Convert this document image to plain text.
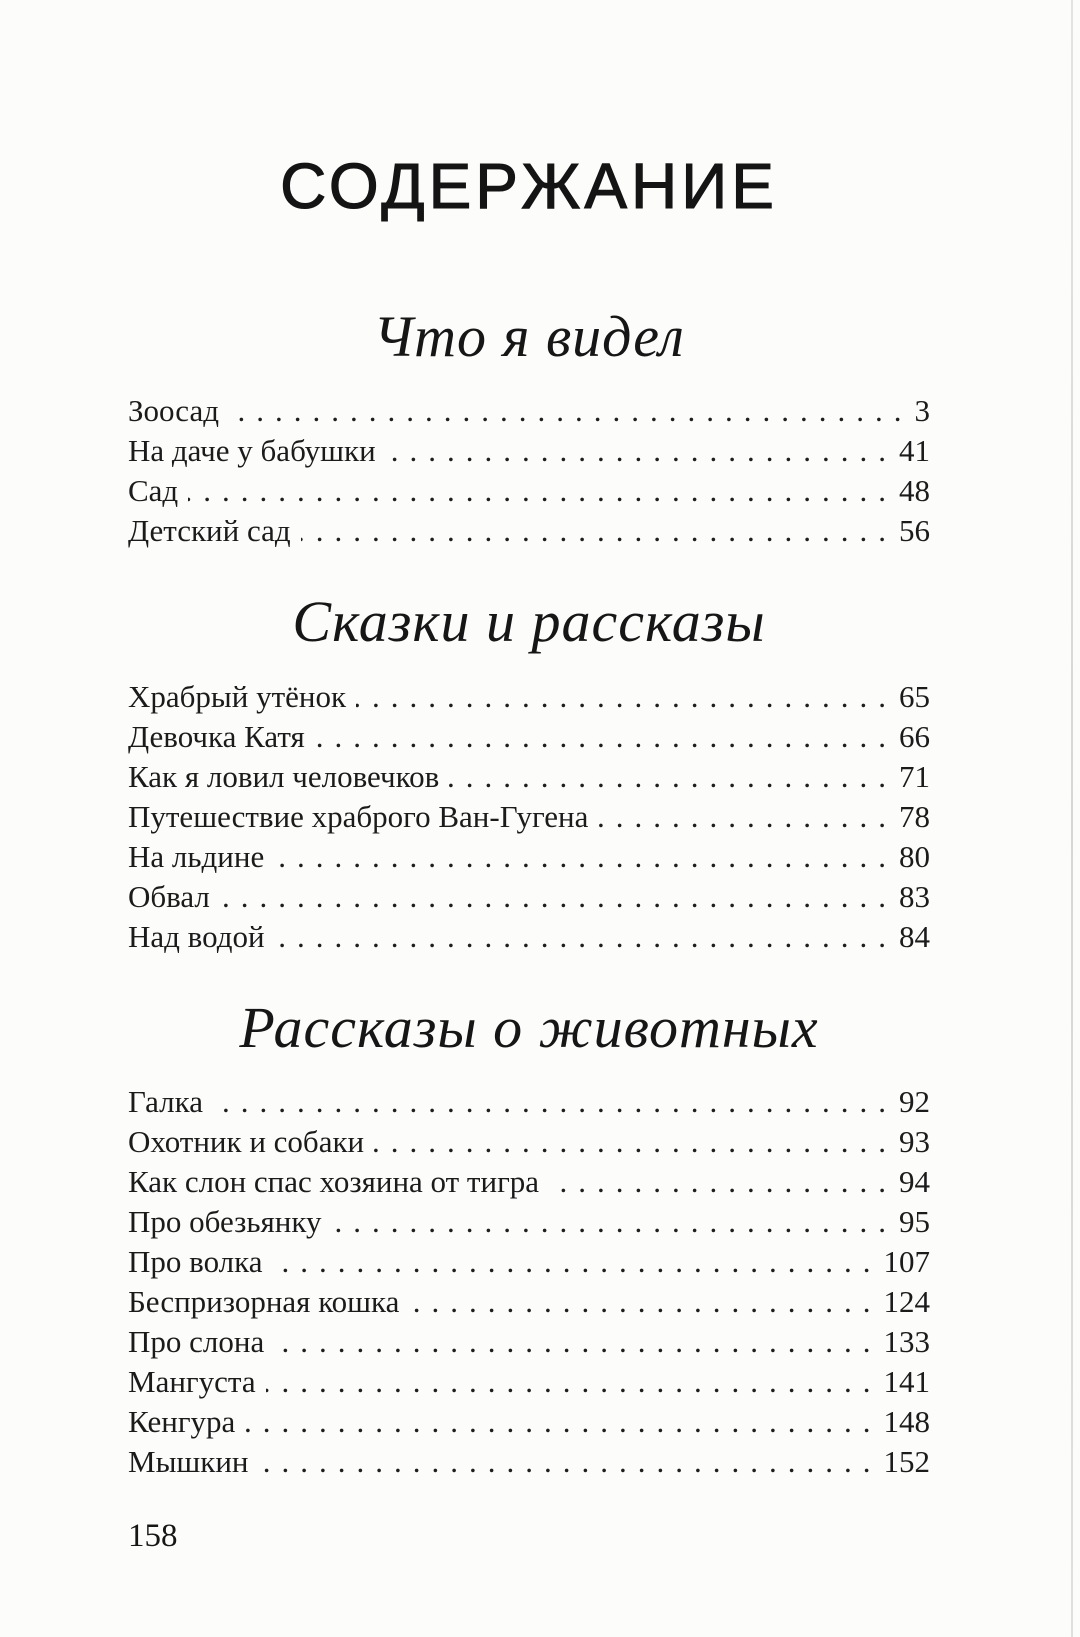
СОДЕРЖАНИЕ
Что я видел
Зоосад .....	3
На даче у бабушки .....	41
Сад .....	48
Детский сад .....	56
Сказки и рассказы
Храбрый утёнок .....	65
Девочка Катя .....	66
Как я ловил человечков .....	71
Путешествие храброго Ван-Гугена .....	78
На льдине .....	80
Обвал .....	83
Над водой .....	84
Рассказы о животных
Галка .....	92
Охотник и собаки .....	93
Как слон спас хозяина от тигра .....	94
Про обезьянку .....	95
Про волка .....	107
Беспризорная кошка .....	124
Про слона .....	133
Мангуста .....	141
Кенгура .....	148
Мышкин .....	152
158
